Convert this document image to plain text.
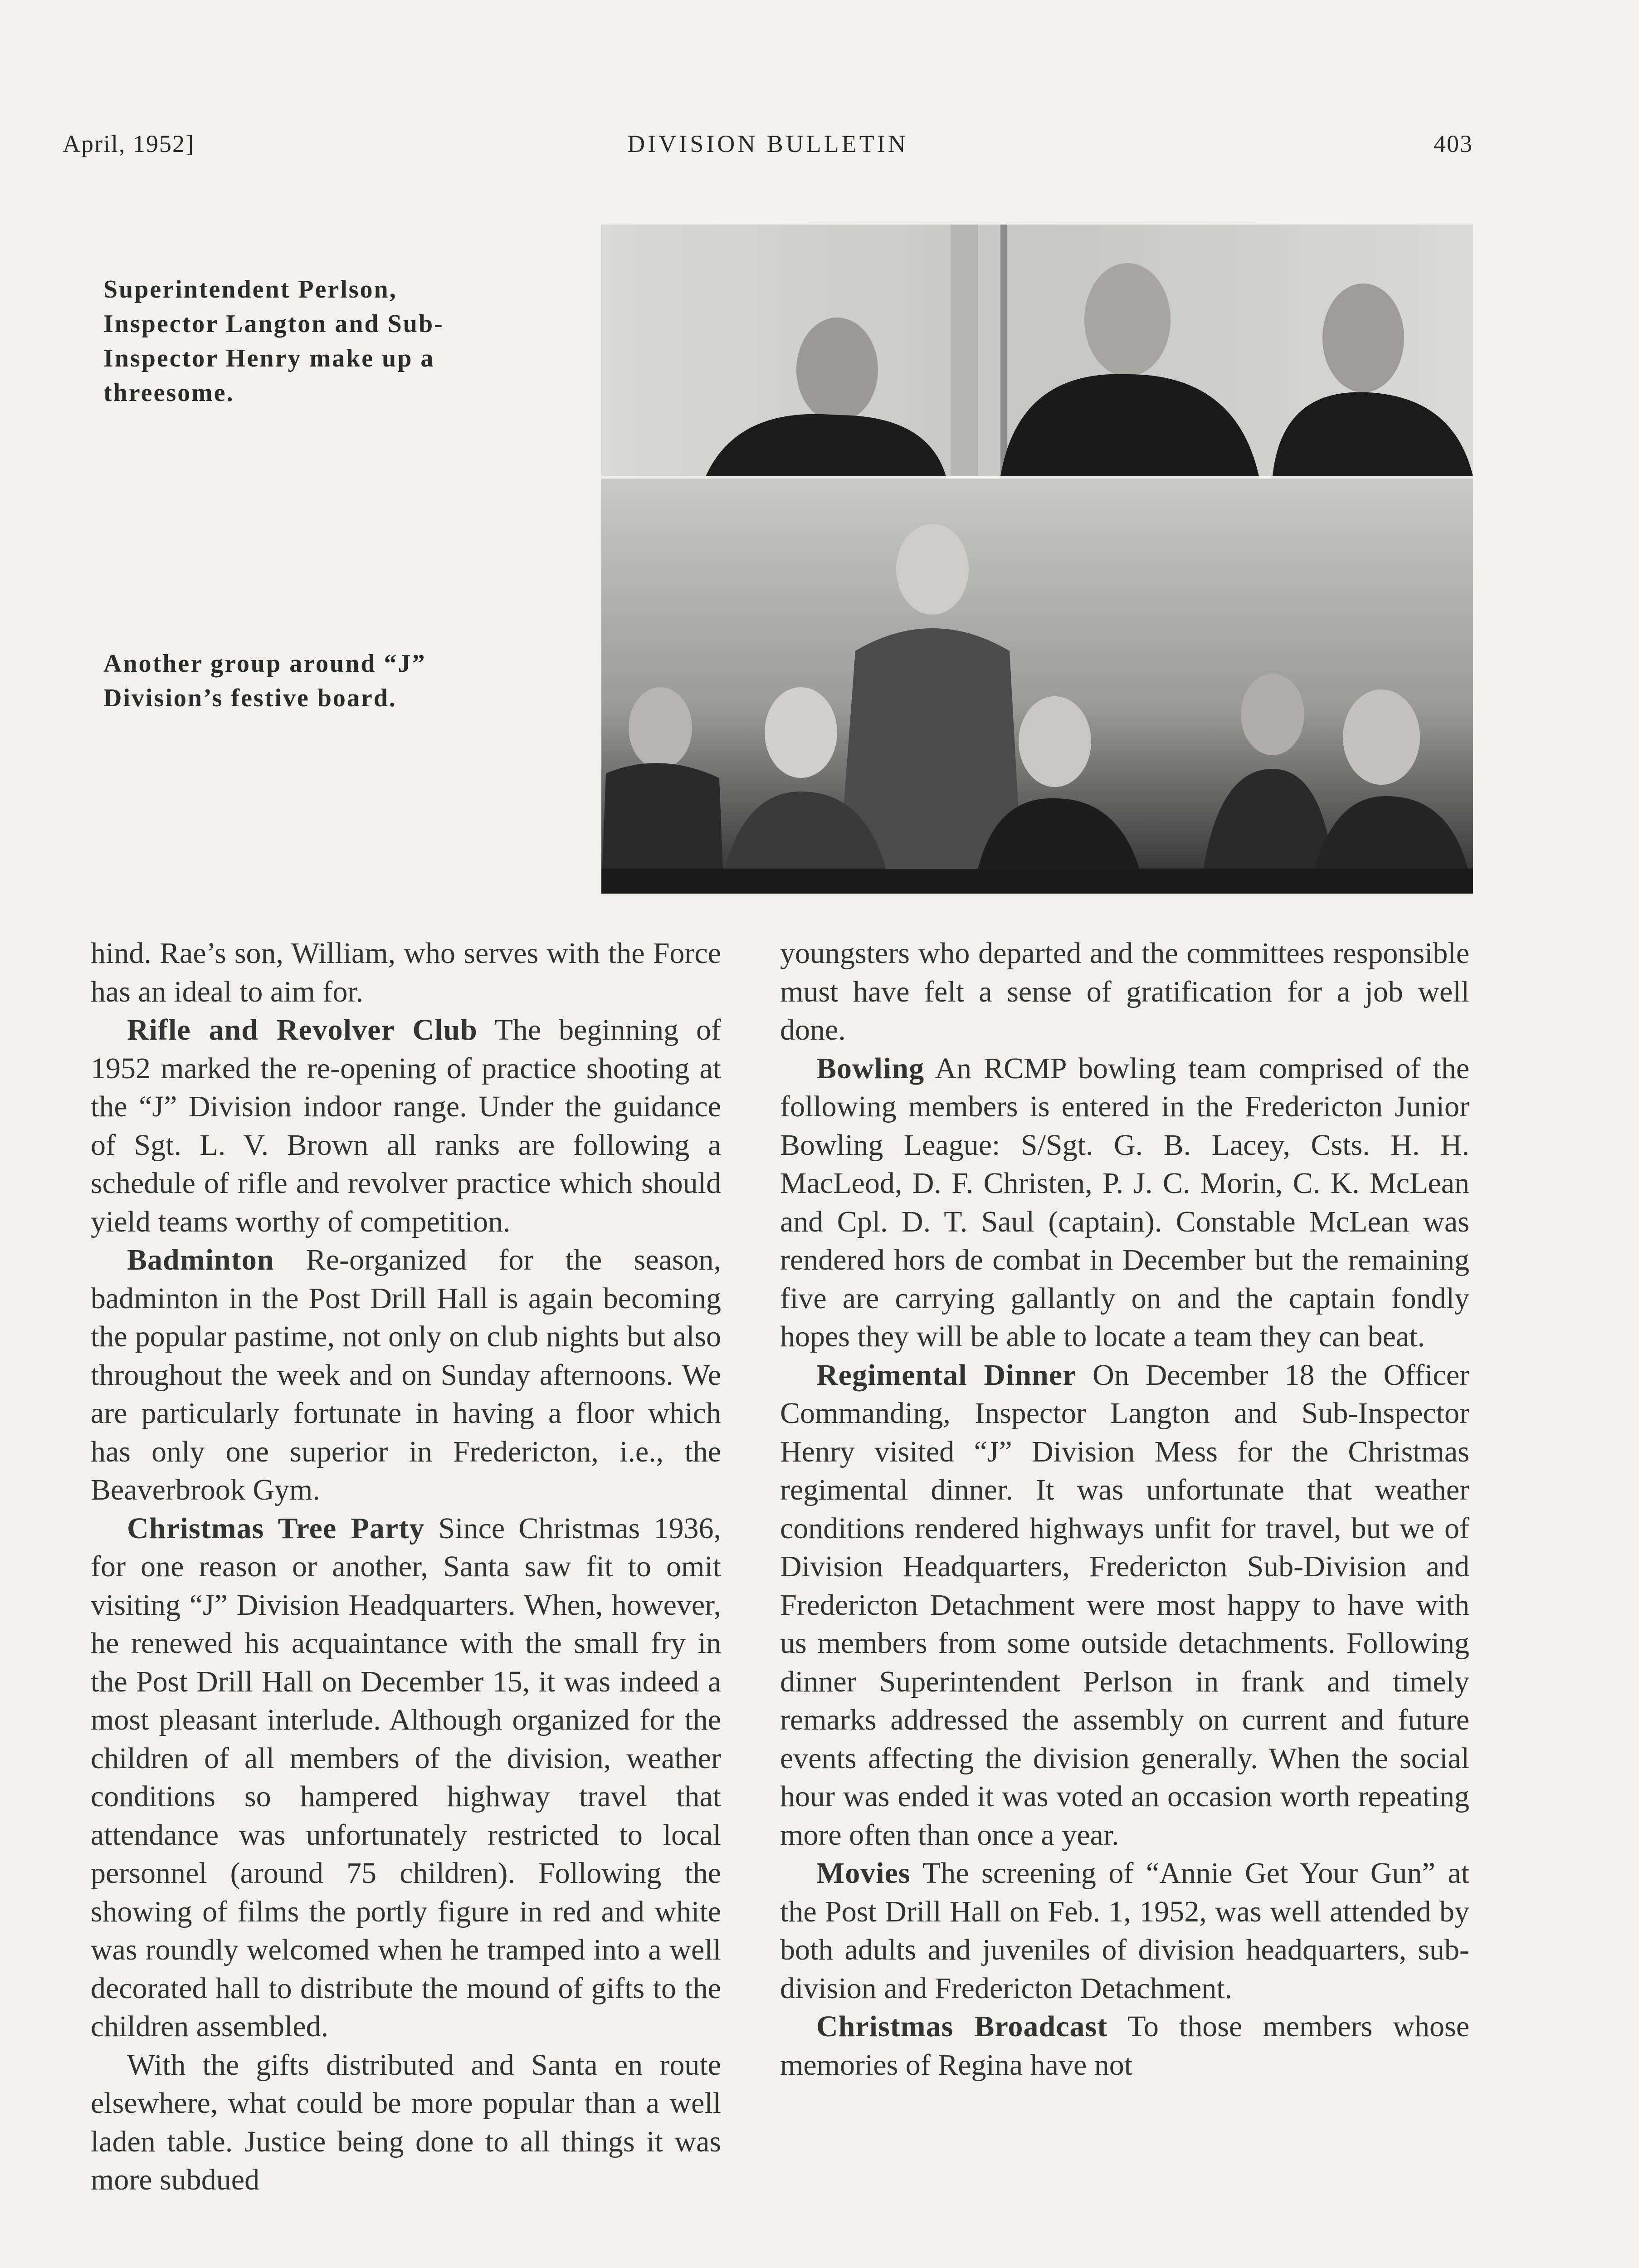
April, 1952]	DIVISION BULLETIN	403
Superintendent Perlson, Inspector Langton and Sub-Inspector Henry make up a threesome.
Another group around “J” Division’s festive board.

hind. Rae’s son, William, who serves with the Force has an ideal to aim for.

Rifle and Revolver Club The beginning of 1952 marked the re-opening of practice shooting at the “J” Division indoor range. Under the guidance of Sgt. L. V. Brown all ranks are following a schedule of rifle and revolver practice which should yield teams worthy of competition.

Badminton Re-organized for the season, badminton in the Post Drill Hall is again becoming the popular pastime, not only on club nights but also throughout the week and on Sunday afternoons. We are particularly fortunate in having a floor which has only one superior in Fredericton, i.e., the Beaverbrook Gym.

Christmas Tree Party Since Christmas 1936, for one reason or another, Santa saw fit to omit visiting “J” Division Headquarters. When, however, he renewed his acquaintance with the small fry in the Post Drill Hall on December 15, it was indeed a most pleasant interlude. Although organized for the children of all members of the division, weather conditions so hampered highway travel that attendance was unfortunately restricted to local personnel (around 75 children). Following the showing of films the portly figure in red and white was roundly welcomed when he tramped into a well decorated hall to distribute the mound of gifts to the children assembled.

With the gifts distributed and Santa en route elsewhere, what could be more popular than a well laden table. Justice being done to all things it was more subdued

youngsters who departed and the committees responsible must have felt a sense of gratification for a job well done.

Bowling An RCMP bowling team comprised of the following members is entered in the Fredericton Junior Bowling League: S/Sgt. G. B. Lacey, Csts. H. H. MacLeod, D. F. Christen, P. J. C. Morin, C. K. McLean and Cpl. D. T. Saul (captain). Constable McLean was rendered hors de combat in December but the remaining five are carrying gallantly on and the captain fondly hopes they will be able to locate a team they can beat.

Regimental Dinner On December 18 the Officer Commanding, Inspector Langton and Sub-Inspector Henry visited “J” Division Mess for the Christmas regimental dinner. It was unfortunate that weather conditions rendered highways unfit for travel, but we of Division Headquarters, Fredericton Sub-Division and Fredericton Detachment were most happy to have with us members from some outside detachments. Following dinner Superintendent Perlson in frank and timely remarks addressed the assembly on current and future events affecting the division generally. When the social hour was ended it was voted an occasion worth repeating more often than once a year.

Movies The screening of “Annie Get Your Gun” at the Post Drill Hall on Feb. 1, 1952, was well attended by both adults and juveniles of division headquarters, sub-division and Fredericton Detachment.

Christmas Broadcast To those members whose memories of Regina have not
